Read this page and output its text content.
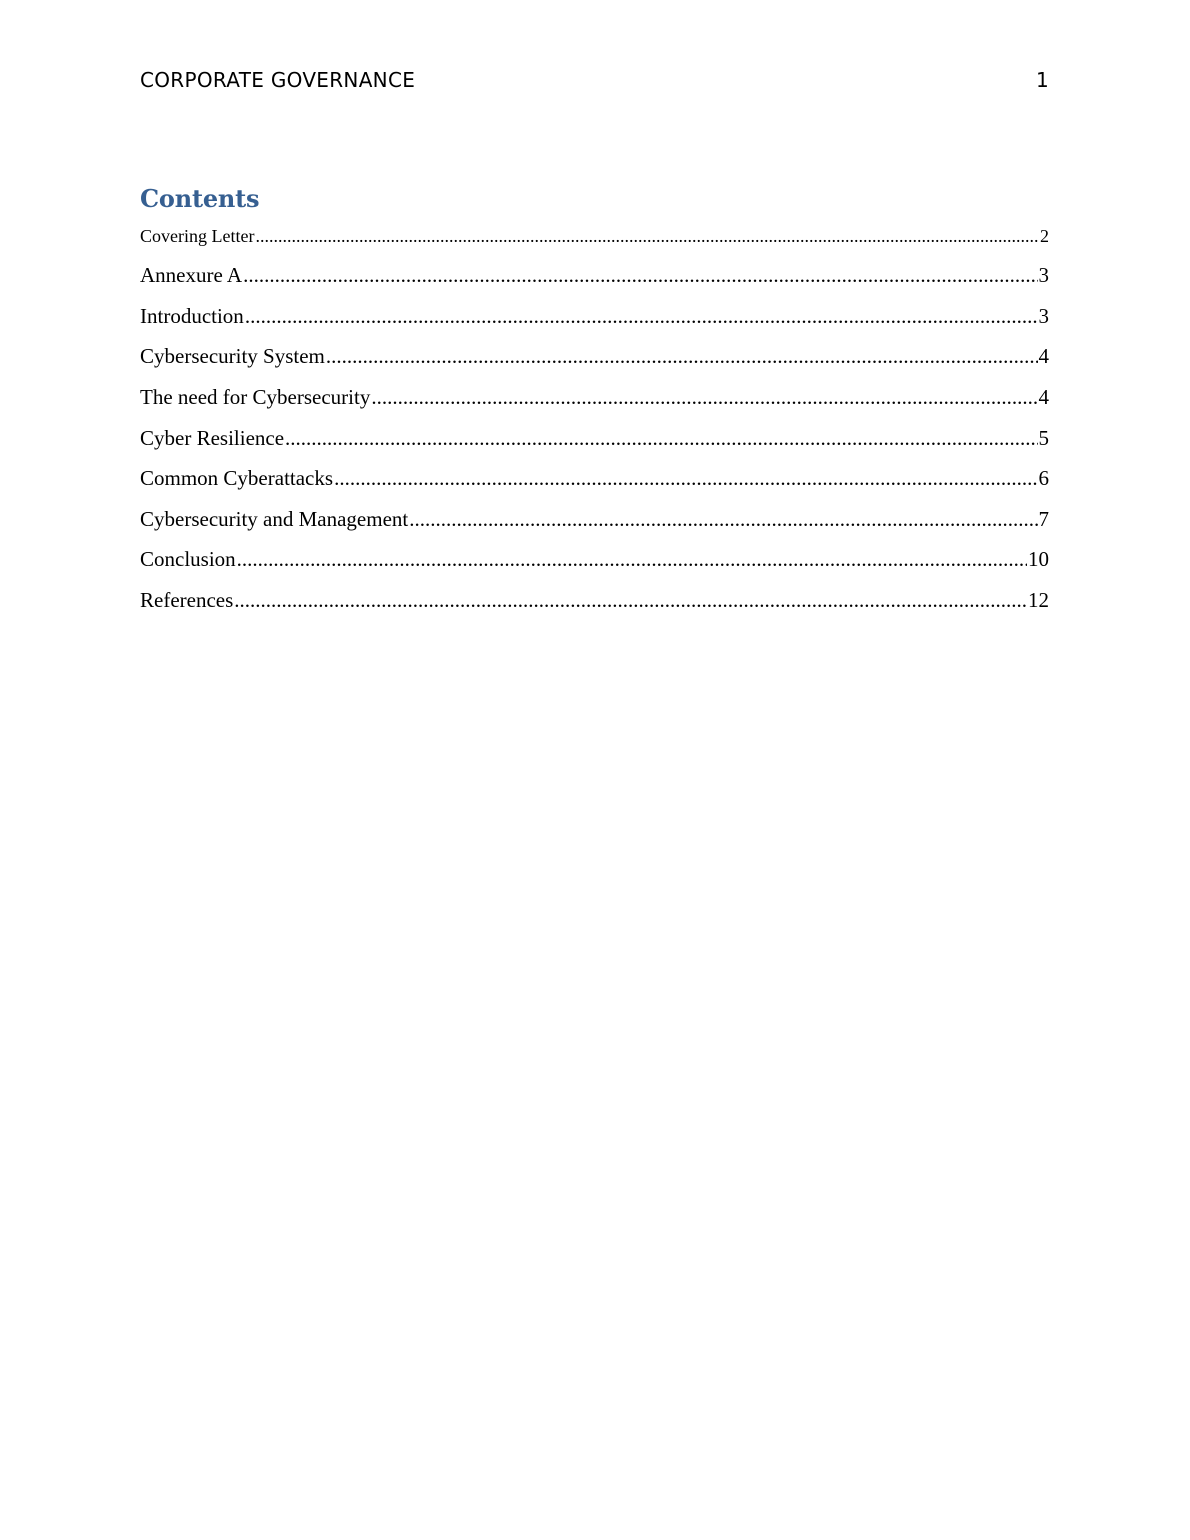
CORPORATE GOVERNANCE	1
Contents
Covering Letter .....	2
Annexure A .....	3
Introduction .....	3
Cybersecurity System .....	4
The need for Cybersecurity .....	4
Cyber Resilience .....	5
Common Cyberattacks .....	6
Cybersecurity and Management .....	7
Conclusion .....	10
References .....	12
